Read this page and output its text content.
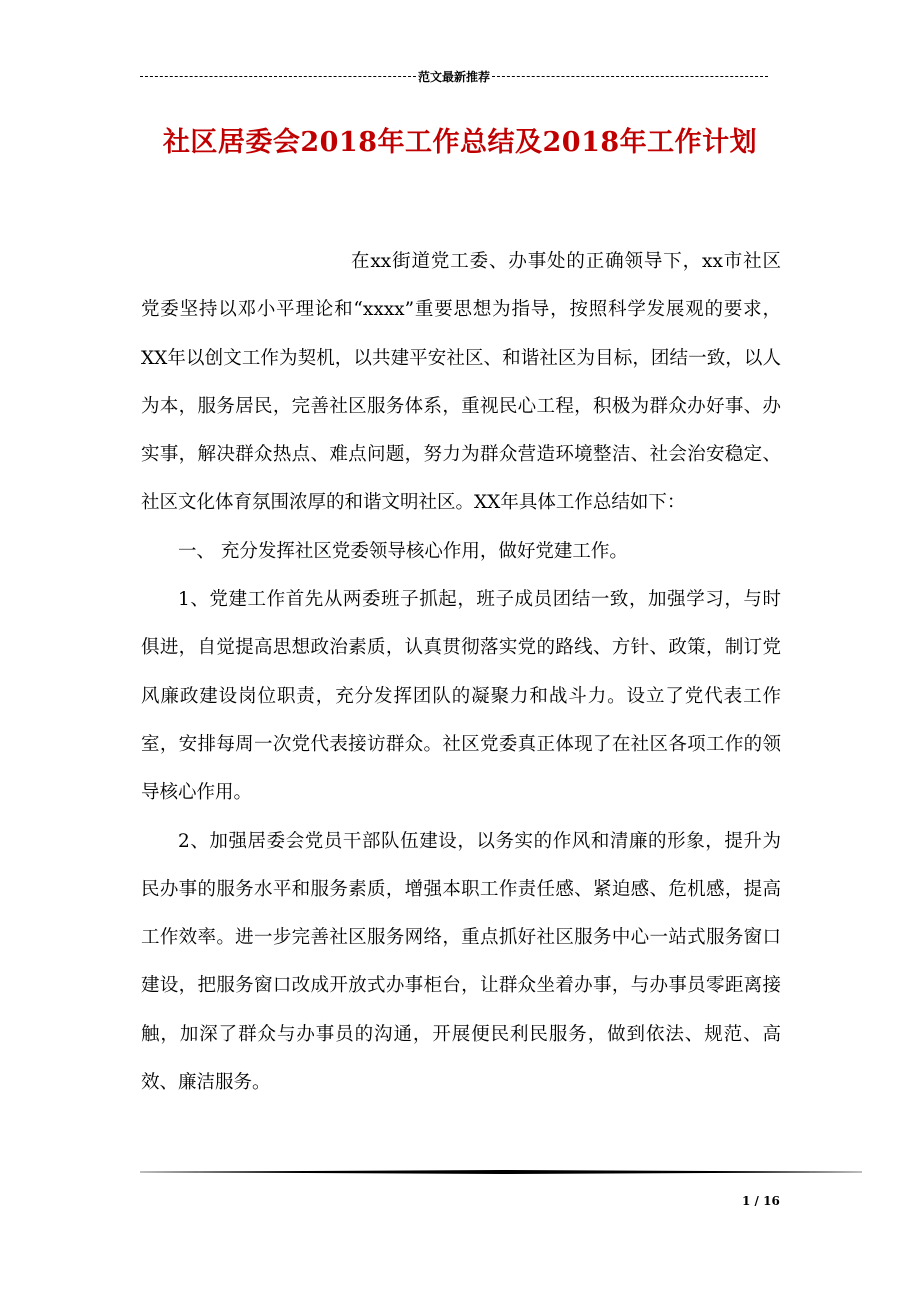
范文最新推荐
社区居委会2018年工作总结及2018年工作计划

在xx街道党工委、办事处的正确领导下，xx市社区党委坚持以邓小平理论和“xxxx”重要思想为指导，按照科学发展观的要求，XX年以创文工作为契机，以共建平安社区、和谐社区为目标，团结一致，以人为本，服务居民，完善社区服务体系，重视民心工程，积极为群众办好事、办实事，解决群众热点、难点问题，努力为群众营造环境整洁、社会治安稳定、社区文化体育氛围浓厚的和谐文明社区。XX年具体工作总结如下：

一、 充分发挥社区党委领导核心作用，做好党建工作。

1、党建工作首先从两委班子抓起，班子成员团结一致，加强学习，与时俱进，自觉提高思想政治素质，认真贯彻落实党的路线、方针、政策，制订党风廉政建设岗位职责，充分发挥团队的凝聚力和战斗力。设立了党代表工作室，安排每周一次党代表接访群众。社区党委真正体现了在社区各项工作的领导核心作用。

2、加强居委会党员干部队伍建设，以务实的作风和清廉的形象，提升为民办事的服务水平和服务素质，增强本职工作责任感、紧迫感、危机感，提高工作效率。进一步完善社区服务网络，重点抓好社区服务中心一站式服务窗口建设，把服务窗口改成开放式办事柜台，让群众坐着办事，与办事员零距离接触，加深了群众与办事员的沟通，开展便民利民服务，做到依法、规范、高效、廉洁服务。

1 / 16
